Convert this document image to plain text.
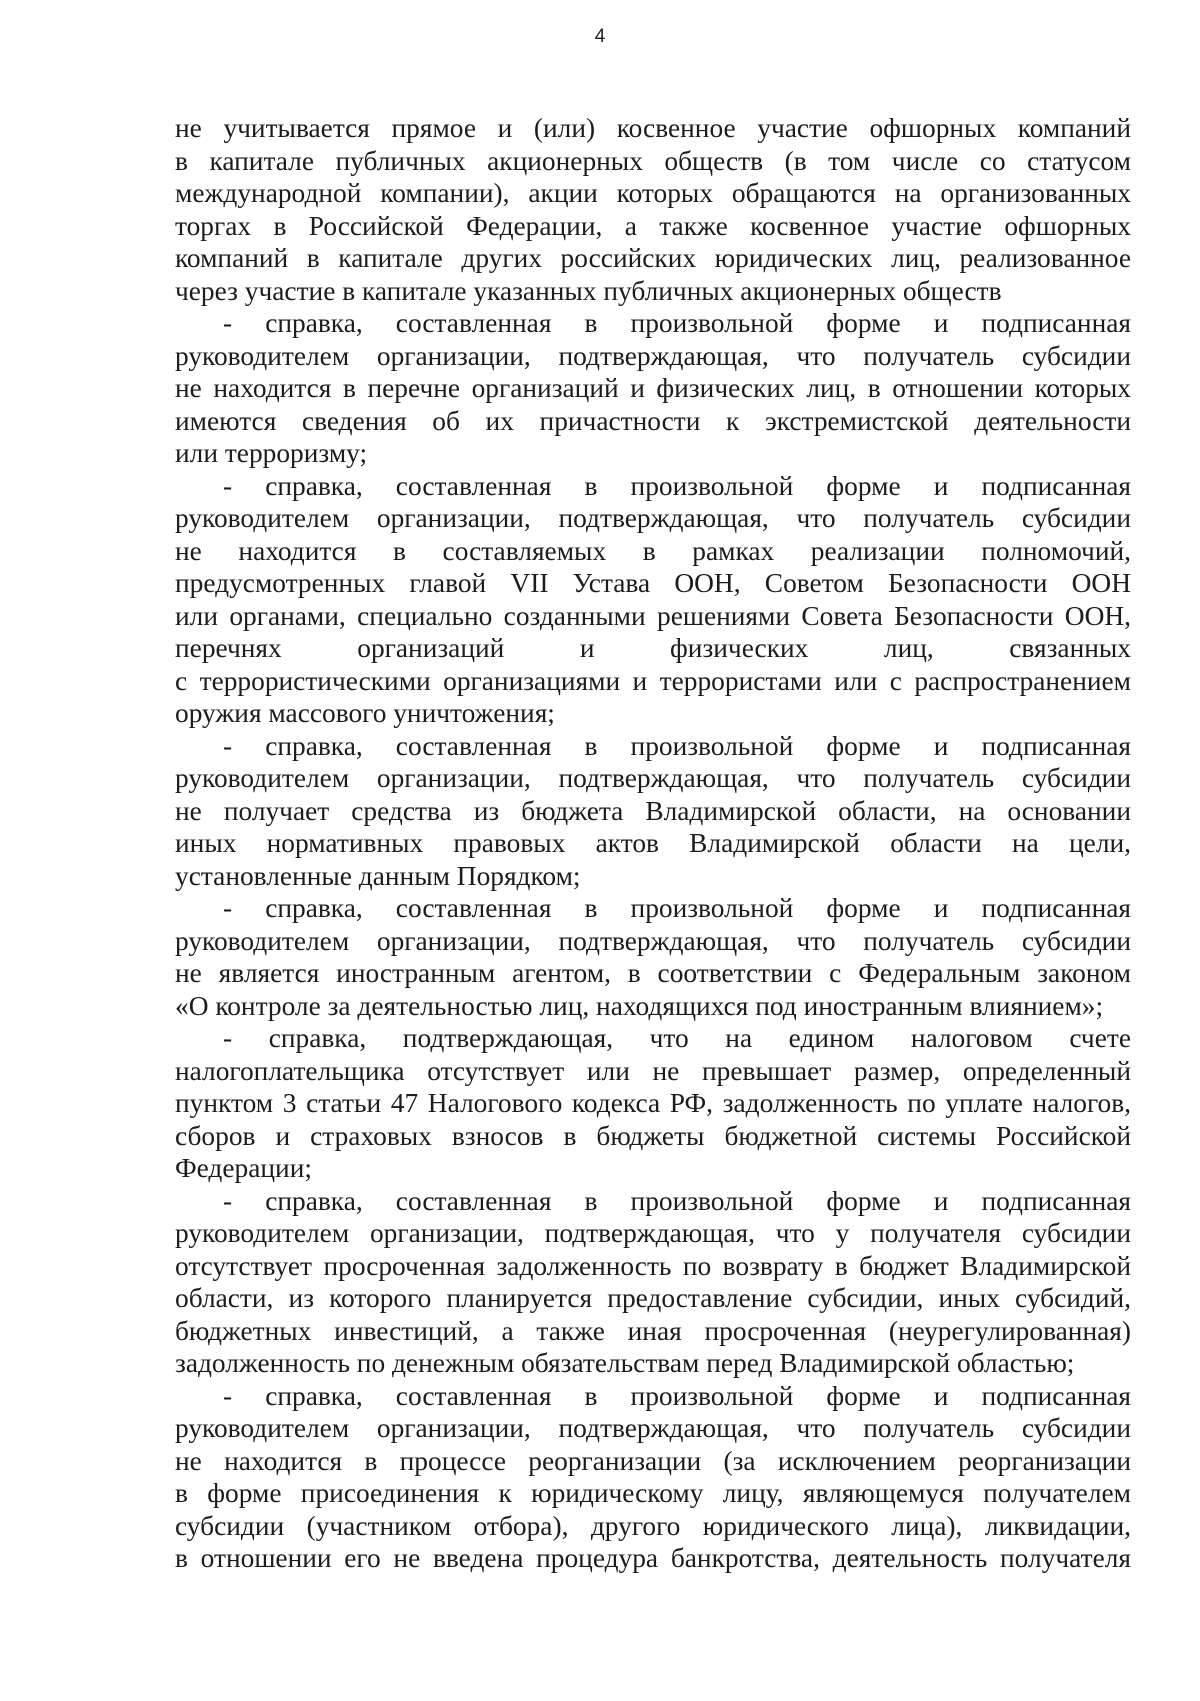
4
не учитывается прямое и (или) косвенное участие офшорных компаний
в капитале публичных акционерных обществ (в том числе со статусом
международной компании), акции которых обращаются на организованных
торгах в Российской Федерации, а также косвенное участие офшорных
компаний в капитале других российских юридических лиц, реализованное
через участие в капитале указанных публичных акционерных обществ
- справка, составленная в произвольной форме и подписанная
руководителем организации, подтверждающая, что получатель субсидии
не находится в перечне организаций и физических лиц, в отношении которых
имеются сведения об их причастности к экстремистской деятельности
или терроризму;
- справка, составленная в произвольной форме и подписанная
руководителем организации, подтверждающая, что получатель субсидии
не находится в составляемых в рамках реализации полномочий,
предусмотренных главой VII Устава ООН, Советом Безопасности ООН
или органами, специально созданными решениями Совета Безопасности ООН,
перечнях организаций и физических лиц, связанных
с террористическими организациями и террористами или с распространением
оружия массового уничтожения;
- справка, составленная в произвольной форме и подписанная
руководителем организации, подтверждающая, что получатель субсидии
не получает средства из бюджета Владимирской области, на основании
иных нормативных правовых актов Владимирской области на цели,
установленные данным Порядком;
- справка, составленная в произвольной форме и подписанная
руководителем организации, подтверждающая, что получатель субсидии
не является иностранным агентом, в соответствии с Федеральным законом
«О контроле за деятельностью лиц, находящихся под иностранным влиянием»;
- справка, подтверждающая, что на едином налоговом счете
налогоплательщика отсутствует или не превышает размер, определенный
пунктом 3 статьи 47 Налогового кодекса РФ, задолженность по уплате налогов,
сборов и страховых взносов в бюджеты бюджетной системы Российской
Федерации;
- справка, составленная в произвольной форме и подписанная
руководителем организации, подтверждающая, что у получателя субсидии
отсутствует просроченная задолженность по возврату в бюджет Владимирской
области, из которого планируется предоставление субсидии, иных субсидий,
бюджетных инвестиций, а также иная просроченная (неурегулированная)
задолженность по денежным обязательствам перед Владимирской областью;
- справка, составленная в произвольной форме и подписанная
руководителем организации, подтверждающая, что получатель субсидии
не находится в процессе реорганизации (за исключением реорганизации
в форме присоединения к юридическому лицу, являющемуся получателем
субсидии (участником отбора), другого юридического лица), ликвидации,
в отношении его не введена процедура банкротства, деятельность получателя
